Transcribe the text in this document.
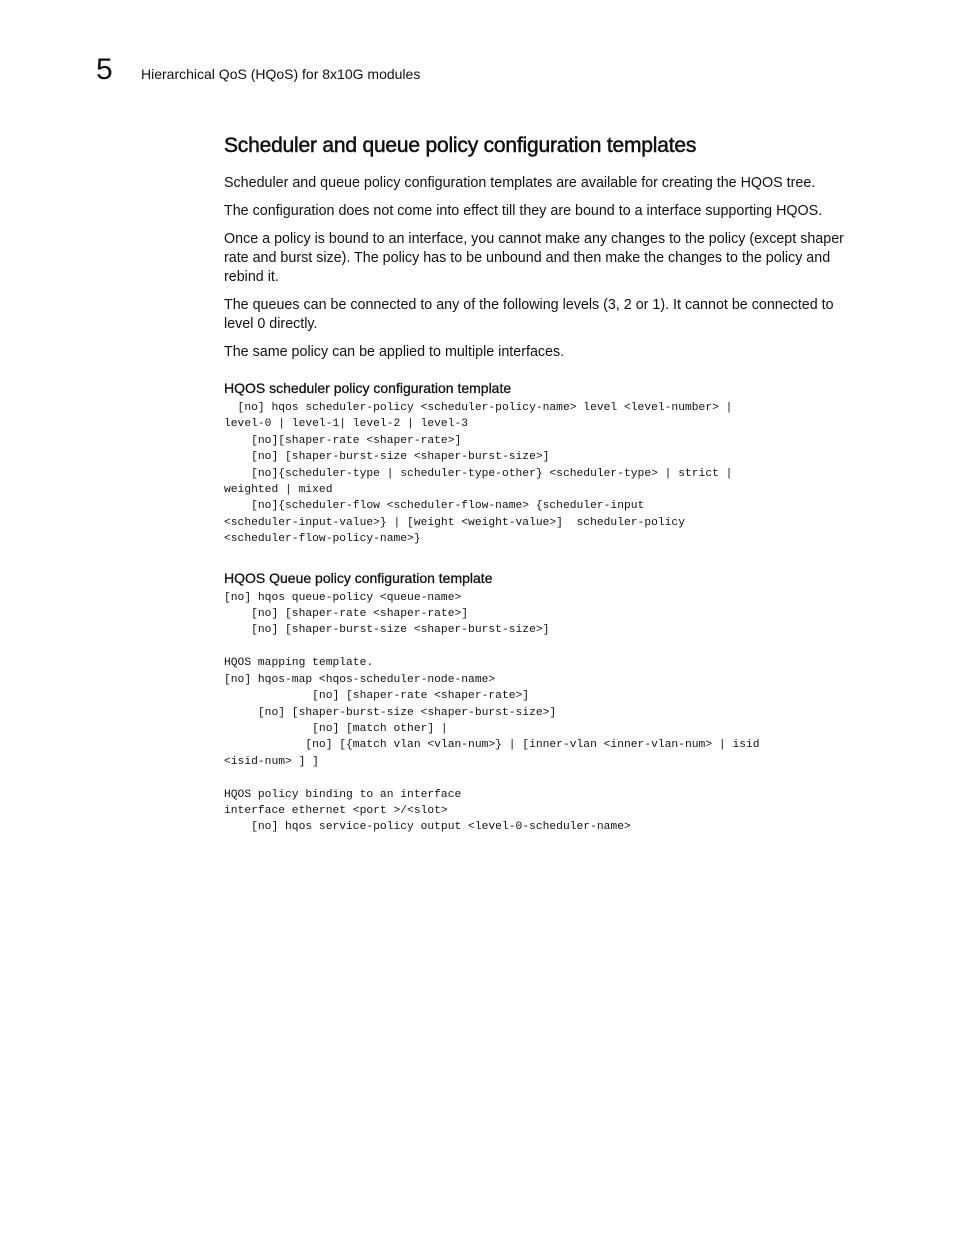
5 Hierarchical QoS (HQoS) for 8x10G modules
Scheduler and queue policy configuration templates

Scheduler and queue policy configuration templates are available for creating the HQOS tree.

The configuration does not come into effect till they are bound to a interface supporting HQOS.

Once a policy is bound to an interface, you cannot make any changes to the policy (except shaper rate and burst size). The policy has to be unbound and then make the changes to the policy and rebind it.

The queues can be connected to any of the following levels (3, 2 or 1). It cannot be connected to level 0 directly.

The same policy can be applied to multiple interfaces.

HQOS scheduler policy configuration template
[no] hqos scheduler-policy <scheduler-policy-name> level <level-number> |
level-0 | level-1| level-2 | level-3
[no][shaper-rate <shaper-rate>]
[no] [shaper-burst-size <shaper-burst-size>]
[no]{scheduler-type | scheduler-type-other} <scheduler-type> | strict |
weighted | mixed
[no]{scheduler-flow <scheduler-flow-name> {scheduler-input
<scheduler-input-value>} | [weight <weight-value>]  scheduler-policy
<scheduler-flow-policy-name>}
HQOS Queue policy configuration template
[no] hqos queue-policy <queue-name>
[no] [shaper-rate <shaper-rate>]
[no] [shaper-burst-size <shaper-burst-size>]

HQOS mapping template.
[no] hqos-map <hqos-scheduler-node-name>
[no] [shaper-rate <shaper-rate>]
[no] [shaper-burst-size <shaper-burst-size>]
[no] [match other] |
[no] [{match vlan <vlan-num>} | [inner-vlan <inner-vlan-num> | isid
<isid-num> ] ]

HQOS policy binding to an interface
interface ethernet <port >/<slot>
[no] hqos service-policy output <level-0-scheduler-name>
